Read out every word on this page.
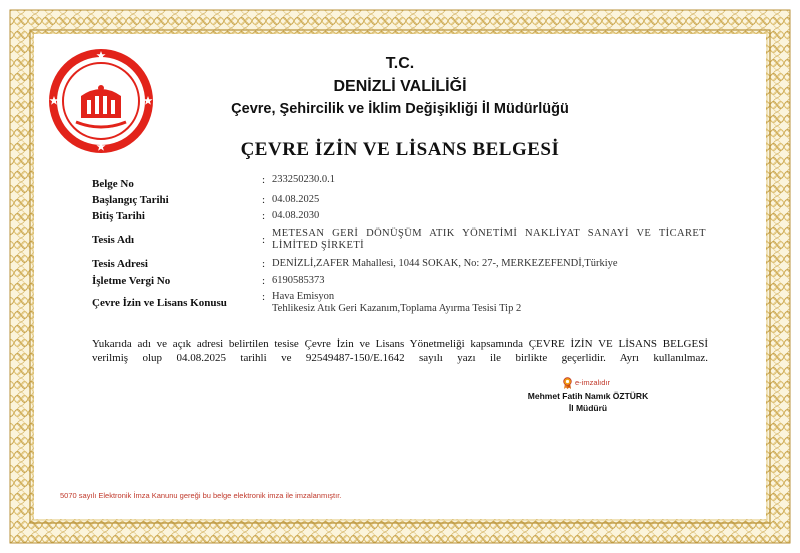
T.C.
DENİZLİ VALİLİĞİ
Çevre, Şehircilik ve İklim Değişikliği İl Müdürlüğü
ÇEVRE İZİN VE LİSANS BELGESİ
Belge No	: 233250230.0.1
Başlangıç Tarihi	: 04.08.2025
Bitiş Tarihi	: 04.08.2030
Tesis Adı	:
METESAN GERİ DÖNÜŞÜM ATIK YÖNETİMİ NAKLİYAT SANAYİ VE TİCARET
LİMİTED ŞİRKETİ
Tesis Adresi	: DENİZLİ,ZAFER Mahallesi, 1044 SOKAK, No: 27-, MERKEZEFENDİ,Türkiye
İşletme Vergi No	: 6190585373
Çevre İzin ve Lisans Konusu	: Hava Emisyon
Tehlikesiz Atık Geri Kazanım,Toplama Ayırma Tesisi Tip 2
Yukarıda adı ve açık adresi belirtilen tesise Çevre İzin ve Lisans Yönetmeliği kapsamında ÇEVRE İZİN VE LİSANS BELGESİ
verilmiş olup 04.08.2025 tarihli ve 92549487-150/E.1642 sayılı yazı ile birlikte geçerlidir. Ayrı kullanılmaz.
e-imzalıdır
Mehmet Fatih Namık ÖZTÜRK
İl Müdürü
5070 sayılı Elektronik İmza Kanunu gereği bu belge elektronik imza ile imzalanmıştır.
